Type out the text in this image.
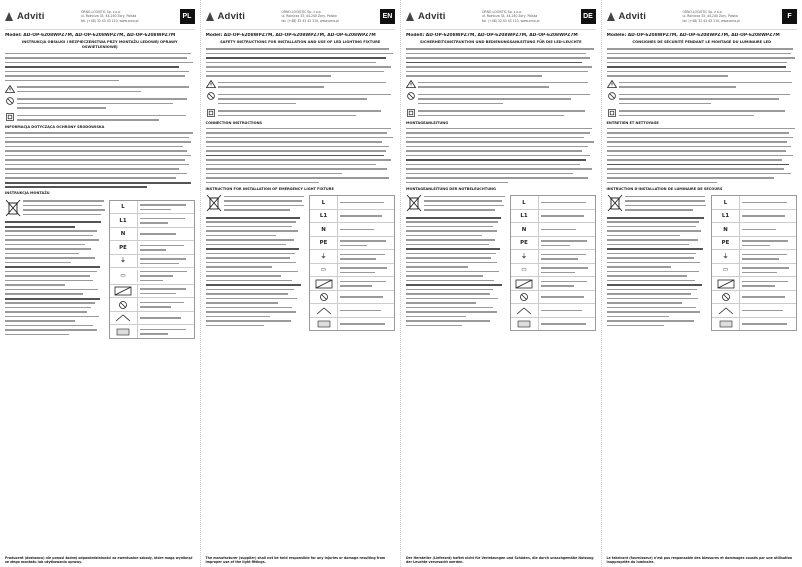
Adviti	ORNO-LOGISTIC Sp. z o.o.
ul. Rolnicza 33, 44-240 Żory, Polska
tel. (+48) 32 43 43 110, www.orno.pl
PL
Model: AD-OP-6208WPZ7M, AD-OP-6208WPZ7M, AD-OP-6208WPZ7M
INSTRUKCJA OBSŁUGI I BEZPIECZEŃSTWA PRZY MONTAŻU LEDOWEJ OPRAWY OŚWIETLENIOWEJ
INFORMACJA DOTYCZĄCA OCHRONY ŚRODOWISKA
INSTRUKCJA MONTAŻU
L
L1
N
PE
⏚
▭
Producent (dostawca) nie ponosi żadnej odpowiedzialności za ewentualne szkody, które mogą wyniknąć ze złego montażu lub użytkowania oprawy.
Adviti	ORNO-LOGISTIC Sp. z o.o.
ul. Rolnicza 33, 44-240 Żory, Polska
tel. (+48) 32 43 43 110, www.orno.pl
EN
Model: AD-OP-6208WPZ7M, AD-OP-6208WPZ7M, AD-OP-6208WPZ7M
SAFETY INSTRUCTIONS FOR INSTALLATION AND USE OF LED LIGHTING FIXTURE
CONNECTION INSTRUCTIONS
INSTRUCTION FOR INSTALLATION OF EMERGENCY LIGHT FIXTURE
L
L1
N
PE
⏚
▭
The manufacturer (supplier) shall not be held responsible for any injuries or damage resulting from improper use of the light fittings.
Adviti	ORNO-LOGISTIC Sp. z o.o.
ul. Rolnicza 33, 44-240 Żory, Polska
tel. (+48) 32 43 43 110, www.orno.pl
DE
Modell: AD-OP-6208WPZ7M, AD-OP-6208WPZ7M, AD-OP-6208WPZ7M
SICHERHEITSINSTRUKTION UND BEDIENUNGSANLEITUNG FÜR DIE LED-LEUCHTE
MONTAGEANLEITUNG
MONTAGEANLEITUNG DER NOTBELEUCHTUNG
L
L1
N
PE
⏚
▭
Der Hersteller (Lieferant) haftet nicht für Verletzungen und Schäden, die durch unsachgemäße Nutzung der Leuchte verursacht werden.
Adviti	ORNO-LOGISTIC Sp. z o.o.
ul. Rolnicza 33, 44-240 Żory, Polska
tel. (+48) 32 43 43 110, www.orno.pl
F
Modèle: AD-OP-6208WPZ7M, AD-OP-6208WPZ7M, AD-OP-6208WPZ7M
CONSIGNES DE SÉCURITÉ PENDANT LE MONTAGE DU LUMINAIRE LED
ENTRETIEN ET NETTOYAGE
INSTRUCTION D'INSTALLATION DE LUMINAIRE DE SECOURS
L
L1
N
PE
⏚
▭
Le fabricant (fournisseur) n'est pas responsable des blessures et dommages causés par une utilisation inappropriée du luminaire.
